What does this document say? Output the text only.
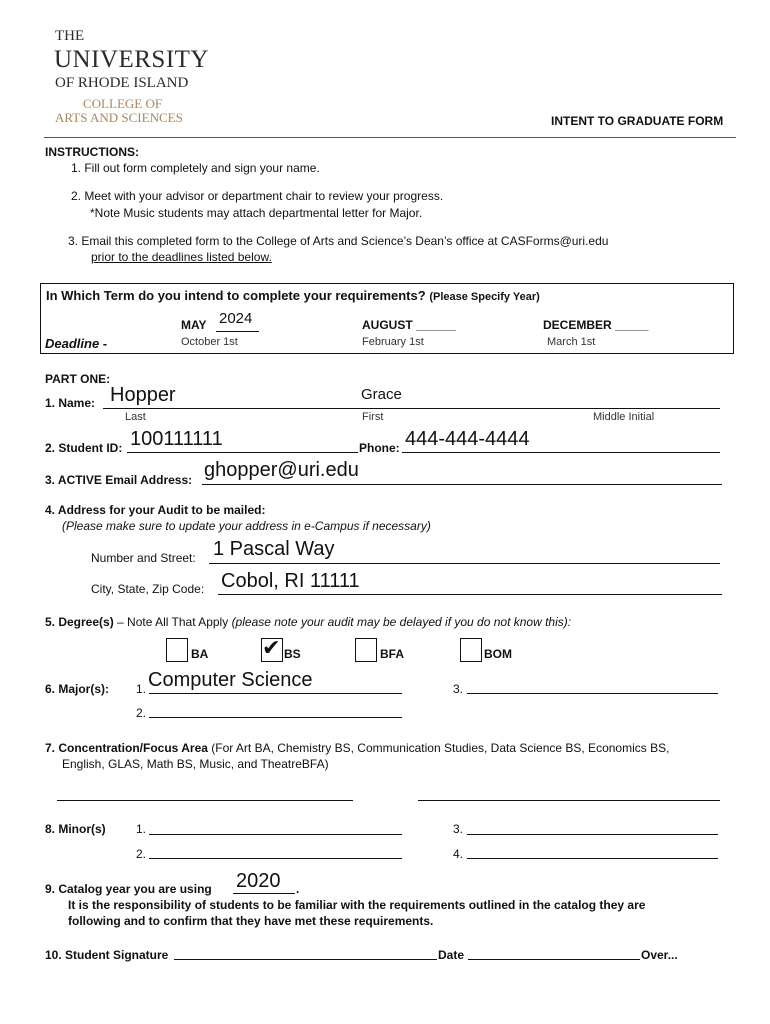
THE
UNIVERSITY
OF RHODE ISLAND
COLLEGE OF
ARTS AND SCIENCES	INTENT TO GRADUATE FORM
INSTRUCTIONS:
1. Fill out form completely and sign your name.
2. Meet with your advisor or department chair to review your progress.
*Note Music students may attach departmental letter for Major.
3. Email this completed form to the College of Arts and Science’s Dean’s office at CASForms@uri.edu
prior to the deadlines listed below.
In Which Term do you intend to complete your requirements? (Please Specify Year)
MAY 2024	AUGUST ______	DECEMBER _____
Deadline -	October 1st	February 1st	March 1st
PART ONE:
1. Name: Hopper	Grace
Last	First	Middle Initial
2. Student ID: 100111111	Phone: 444-444-4444
3. ACTIVE Email Address: ghopper@uri.edu
4. Address for your Audit to be mailed:
(Please make sure to update your address in e-Campus if necessary)
Number and Street: 1 Pascal Way
City, State, Zip Code: Cobol, RI 11111
5. Degree(s) – Note All That Apply (please note your audit may be delayed if you do not know this):
BA ✔ BS	BFA	BOM
6. Major(s): 1. Computer Science	3.
2.
7. Concentration/Focus Area (For Art BA, Chemistry BS, Communication Studies, Data Science BS, Economics BS,
English, GLAS, Math BS, Music, and TheatreBFA)
8. Minor(s)	1.	3.
2.	4.
9. Catalog year you are using 2020 .
It is the responsibility of students to be familiar with the requirements outlined in the catalog they are
following and to confirm that they have met these requirements.
10. Student Signature	Date	Over...
